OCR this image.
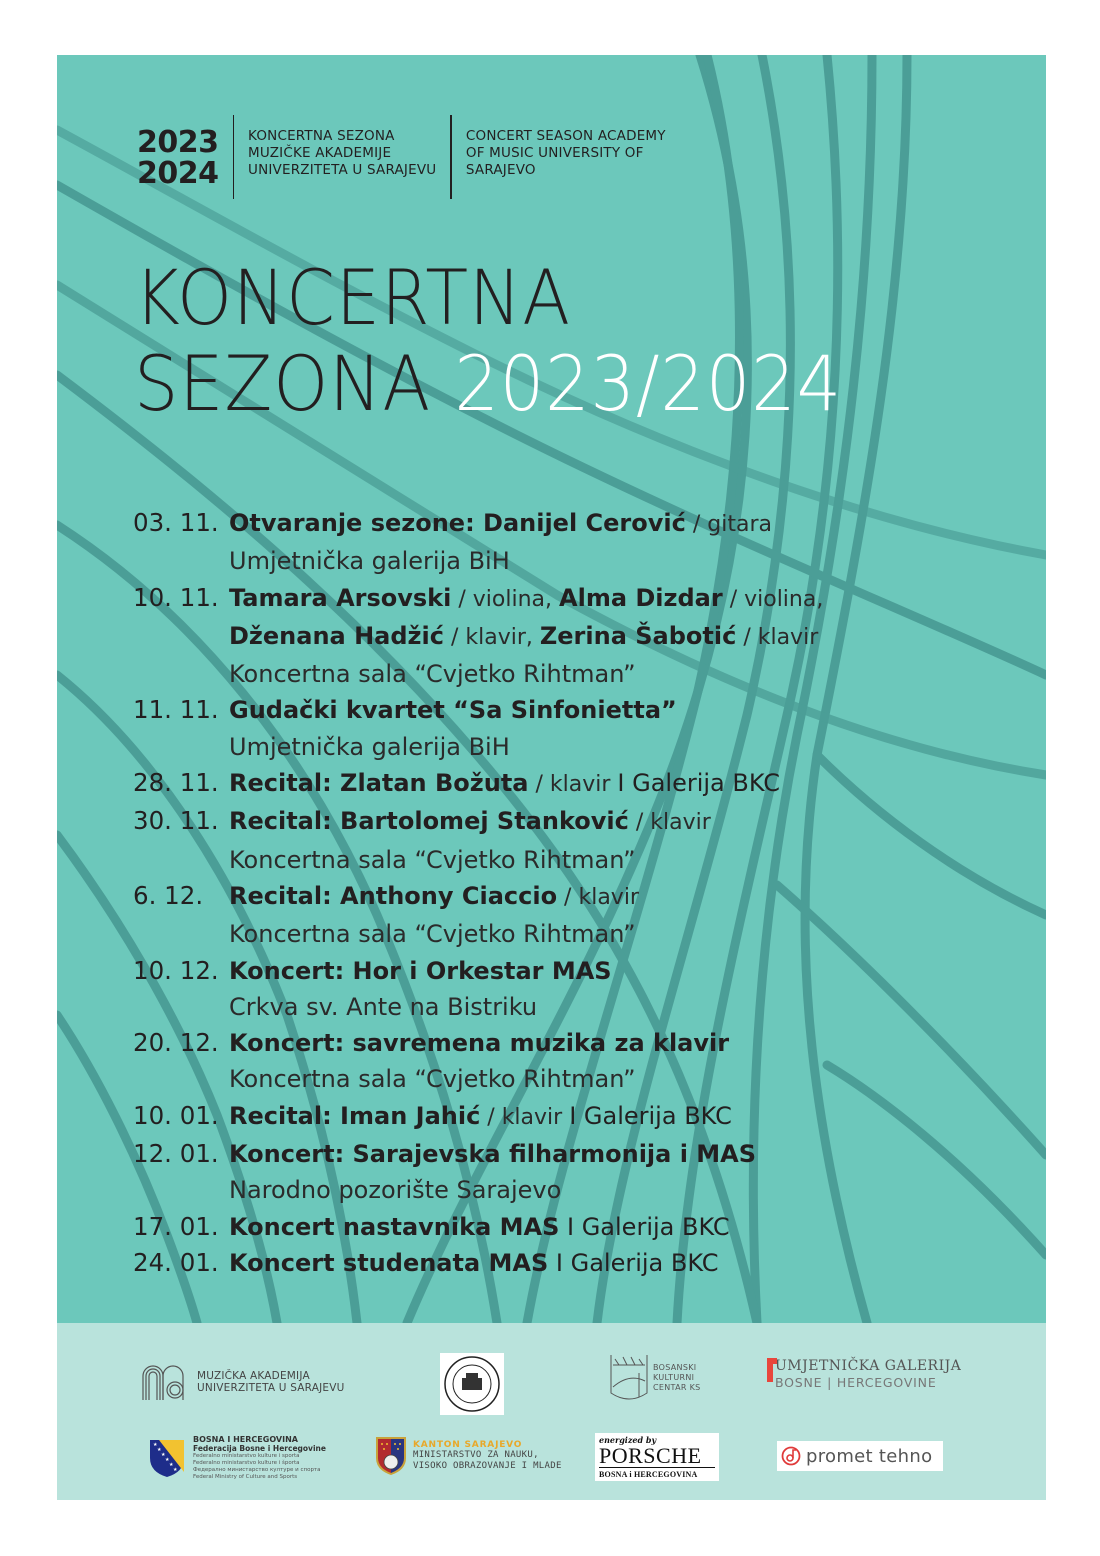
2023
2024
KONCERTNA SEZONA
MUZIČKE AKADEMIJE
UNIVERZITETA U SARAJEVU
CONCERT SEASON ACADEMY
OF MUSIC UNIVERSITY OF
SARAJEVO
KONCERTNA
SEZONA 2023/2024
03. 11. Otvaranje sezone: Danijel Cerović / gitara
Umjetnička galerija BiH
10. 11. Tamara Arsovski / violina, Alma Dizdar / violina,
Dženana Hadžić / klavir, Zerina Šabotić / klavir
Koncertna sala “Cvjetko Rihtman”
11. 11. Gudački kvartet “Sa Sinfonietta”
Umjetnička galerija BiH
28. 11. Recital: Zlatan Božuta / klavir I Galerija BKC
30. 11. Recital: Bartolomej Stanković / klavir
Koncertna sala “Cvjetko Rihtman”
6. 12.	Recital: Anthony Ciaccio / klavir
Koncertna sala “Cvjetko Rihtman”
10. 12. Koncert: Hor i Orkestar MAS
Crkva sv. Ante na Bistriku
20. 12. Koncert: savremena muzika za klavir
Koncertna sala “Cvjetko Rihtman”
10. 01. Recital: Iman Jahić / klavir I Galerija BKC
12. 01. Koncert: Sarajevska filharmonija i MAS
Narodno pozorište Sarajevo
17. 01. Koncert nastavnika MAS I Galerija BKC
24. 01. Koncert studenata MAS I Galerija BKC
MUZIČKA AKADEMIJA
UNIVERZITETA U SARAJEVU
BOSANSKI
KULTURNI
CENTAR KS
UMJETNIČKA GALERIJA
BOSNE | HERCEGOVINE
★
★
★
★
★
★
BOSNA I HERCEGOVINA
Federacija Bosne i Hercegovine
Federalno ministarstvo kulture i sporta
Federalno ministarstvo kulture i športa
Федерално министарство културе и спорта
Federal Ministry of Culture and Sports
KANTON SARAJEVO
MINISTARSTVO ZA NAUKU,
VISOKO OBRAZOVANJE I MLADE
energized by
PORSCHE
BOSNA i HERCEGOVINA
promet tehno
